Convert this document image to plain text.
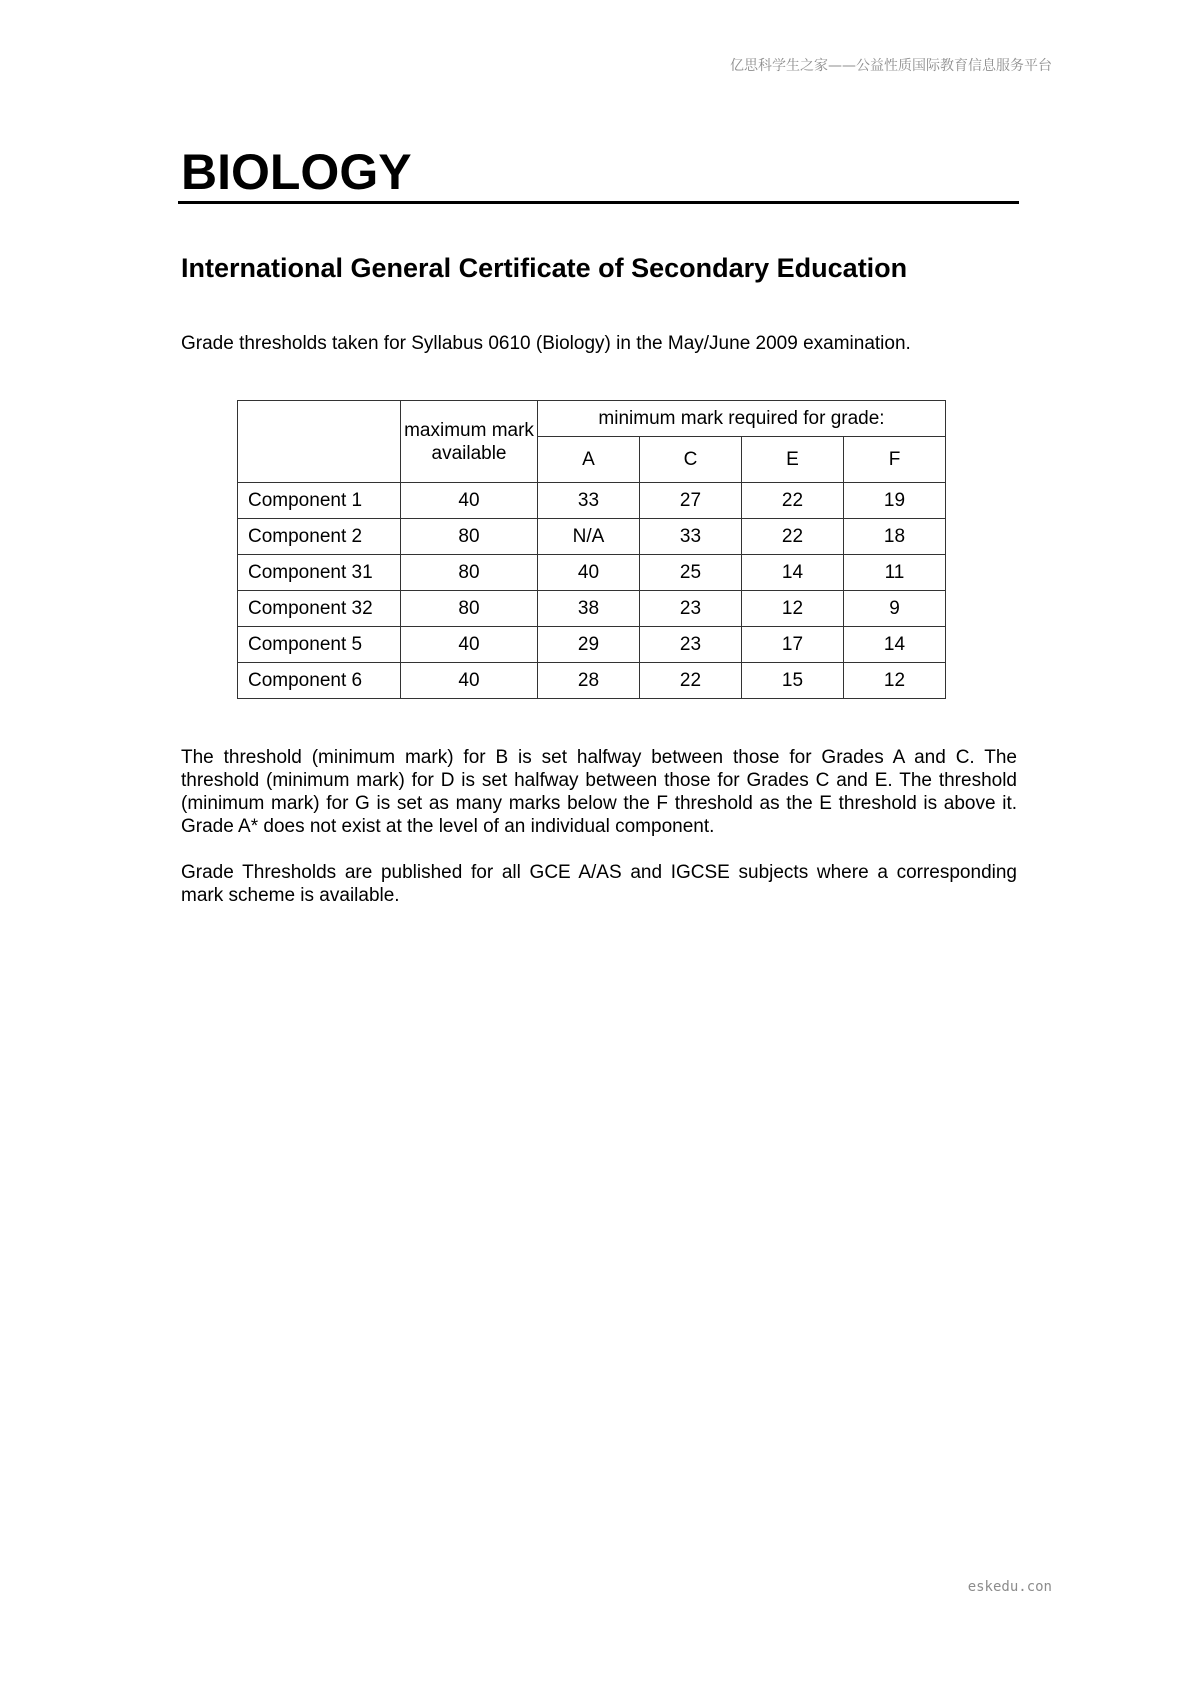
亿思科学生之家——公益性质国际教育信息服务平台
BIOLOGY
International General Certificate of Secondary Education

Grade thresholds taken for Syllabus 0610 (Biology) in the May/June 2009 examination.

	maximum mark available	minimum mark required for grade:			
		A	C	E	F
Component 1	40	33	27	22	19
Component 2	80	N/A	33	22	18
Component 31	80	40	25	14	11
Component 32	80	38	23	12	9
Component 5	40	29	23	17	14
Component 6	40	28	22	15	12

The threshold (minimum mark) for B is set halfway between those for Grades A and C. The threshold (minimum mark) for D is set halfway between those for Grades C and E. The threshold (minimum mark) for G is set as many marks below the F threshold as the E threshold is above it. Grade A* does not exist at the level of an individual component.

Grade Thresholds are published for all GCE A/AS and IGCSE subjects where a corresponding mark scheme is available.

eskedu.con
